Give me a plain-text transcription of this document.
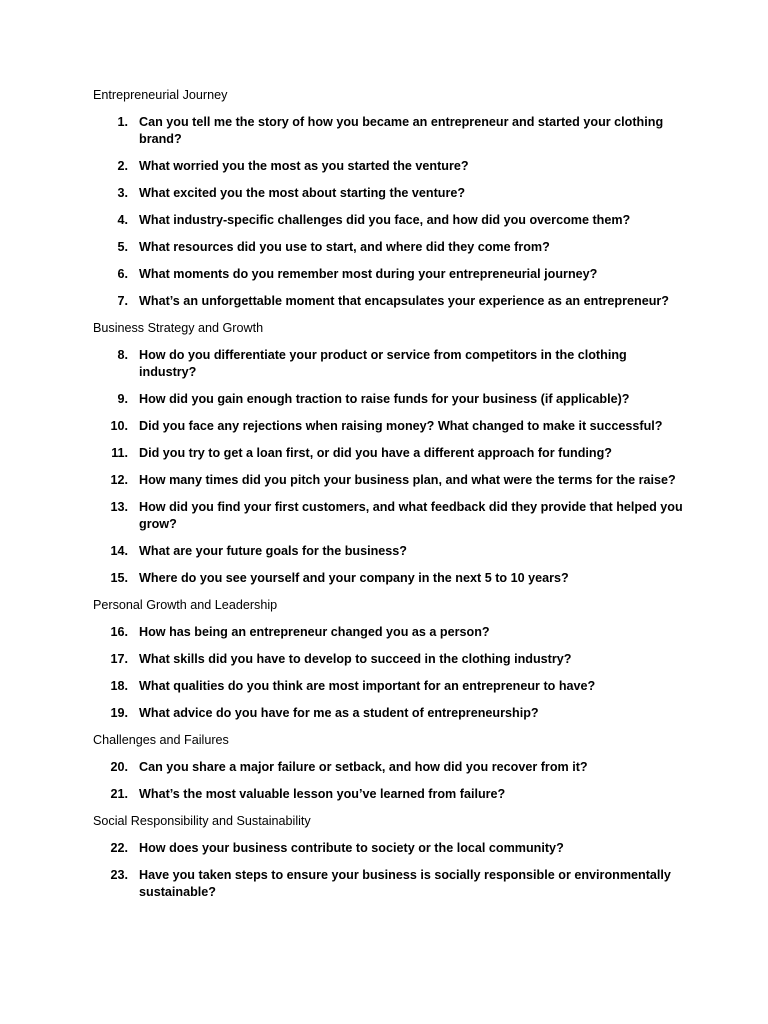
Entrepreneurial Journey
1. Can you tell me the story of how you became an entrepreneur and started your clothing brand?
2. What worried you the most as you started the venture?
3. What excited you the most about starting the venture?
4. What industry-specific challenges did you face, and how did you overcome them?
5. What resources did you use to start, and where did they come from?
6. What moments do you remember most during your entrepreneurial journey?
7. What’s an unforgettable moment that encapsulates your experience as an entrepreneur?
Business Strategy and Growth
8. How do you differentiate your product or service from competitors in the clothing industry?
9. How did you gain enough traction to raise funds for your business (if applicable)?
10. Did you face any rejections when raising money? What changed to make it successful?
11. Did you try to get a loan first, or did you have a different approach for funding?
12. How many times did you pitch your business plan, and what were the terms for the raise?
13. How did you find your first customers, and what feedback did they provide that helped you grow?
14. What are your future goals for the business?
15. Where do you see yourself and your company in the next 5 to 10 years?
Personal Growth and Leadership
16. How has being an entrepreneur changed you as a person?
17. What skills did you have to develop to succeed in the clothing industry?
18. What qualities do you think are most important for an entrepreneur to have?
19. What advice do you have for me as a student of entrepreneurship?
Challenges and Failures
20. Can you share a major failure or setback, and how did you recover from it?
21. What’s the most valuable lesson you’ve learned from failure?
Social Responsibility and Sustainability
22. How does your business contribute to society or the local community?
23. Have you taken steps to ensure your business is socially responsible or environmentally sustainable?
